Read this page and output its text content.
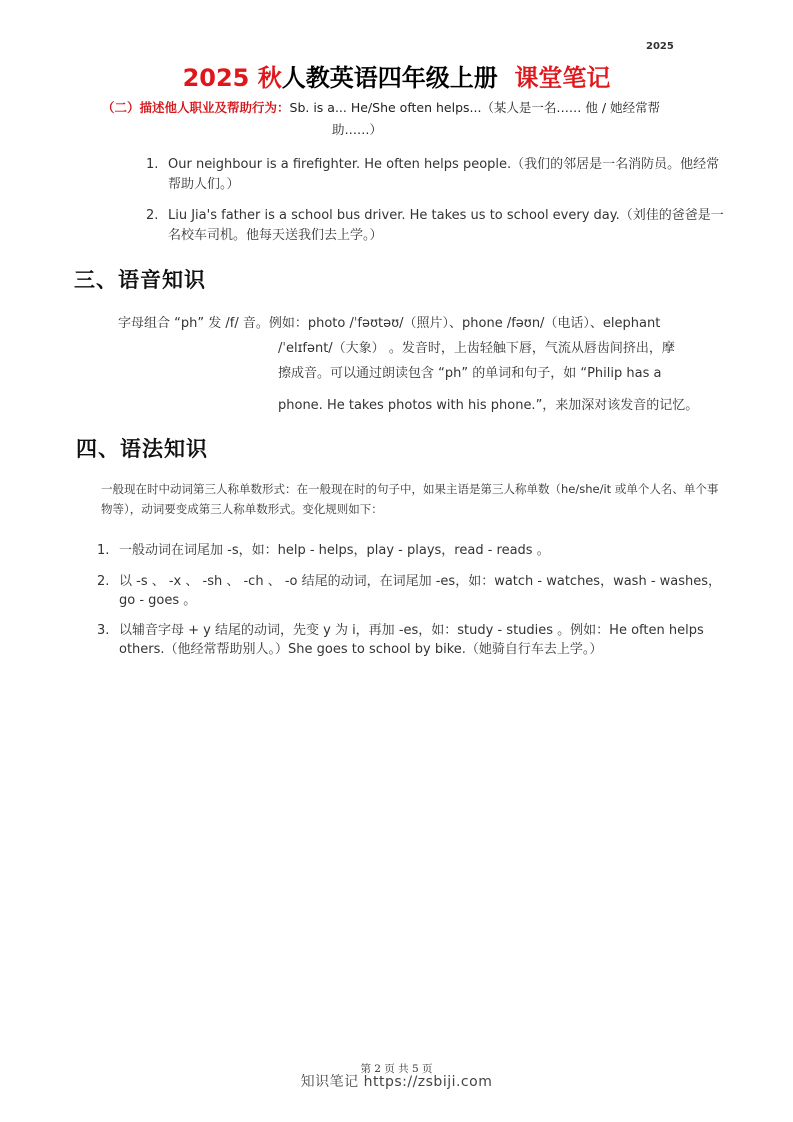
2025
2025 秋人教英语四年级上册 课堂笔记
（二）描述他人职业及帮助行为：Sb. is a... He/She often helps...（某人是一名…… 他 / 她经常帮
助……）
1. Our neighbour is a firefighter. He often helps people.（我们的邻居是一名消防员。他经常帮助人们。）
2. Liu Jia's father is a school bus driver. He takes us to school every day.（刘佳的爸爸是一名校车司机。他每天送我们去上学。）
三、语音知识
字母组合 “ph” 发 /f/ 音。例如：photo /ˈfəʊtəʊ/（照片）、phone /fəʊn/（电话）、elephant
/ˈelɪfənt/（大象） 。发音时，上齿轻触下唇，气流从唇齿间挤出，摩
擦成音。可以通过朗读包含 “ph” 的单词和句子，如 “Philip has a
phone. He takes photos with his phone.”，来加深对该发音的记忆。
四、语法知识
一般现在时中动词第三人称单数形式：在一般现在时的句子中，如果主语是第三人称单数（he/she/it 或单个人名、单个事物等），动词要变成第三人称单数形式。变化规则如下：
1. 一般动词在词尾加 -s，如：help - helps，play - plays，read - reads 。
2. 以 -s 、 -x 、 -sh 、 -ch 、 -o 结尾的动词，在词尾加 -es，如：watch - watches，wash - washes，go - goes 。
3. 以辅音字母 + y 结尾的动词，先变 y 为 i，再加 -es，如：study - studies 。例如：He often helps others.（他经常帮助别人。）She goes to school by bike.（她骑自行车去上学。）
第 2 页 共 5 页
知识笔记 https://zsbiji.com
